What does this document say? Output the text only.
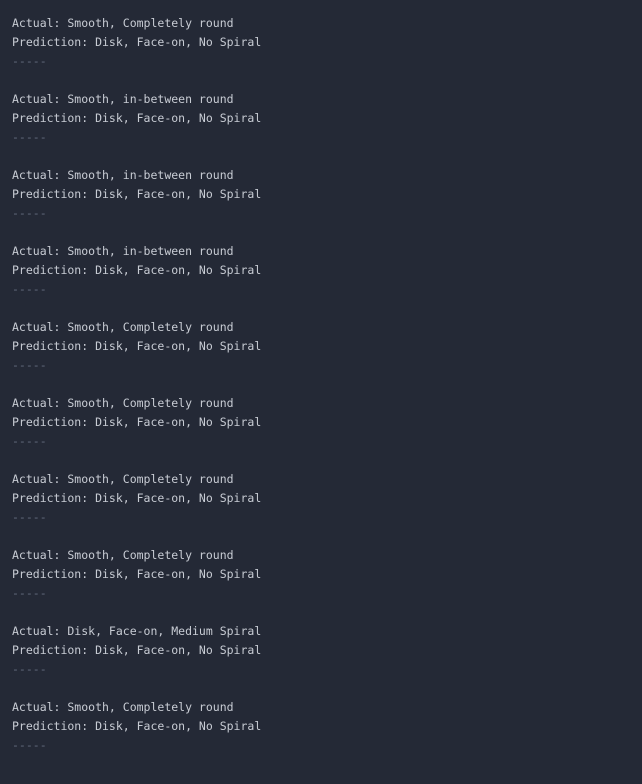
Actual: Smooth, Completely round
Prediction: Disk, Face-on, No Spiral
-----
Actual: Smooth, in-between round
Prediction: Disk, Face-on, No Spiral
-----
Actual: Smooth, in-between round
Prediction: Disk, Face-on, No Spiral
-----
Actual: Smooth, in-between round
Prediction: Disk, Face-on, No Spiral
-----
Actual: Smooth, Completely round
Prediction: Disk, Face-on, No Spiral
-----
Actual: Smooth, Completely round
Prediction: Disk, Face-on, No Spiral
-----
Actual: Smooth, Completely round
Prediction: Disk, Face-on, No Spiral
-----
Actual: Smooth, Completely round
Prediction: Disk, Face-on, No Spiral
-----
Actual: Disk, Face-on, Medium Spiral
Prediction: Disk, Face-on, No Spiral
-----
Actual: Smooth, Completely round
Prediction: Disk, Face-on, No Spiral
-----
